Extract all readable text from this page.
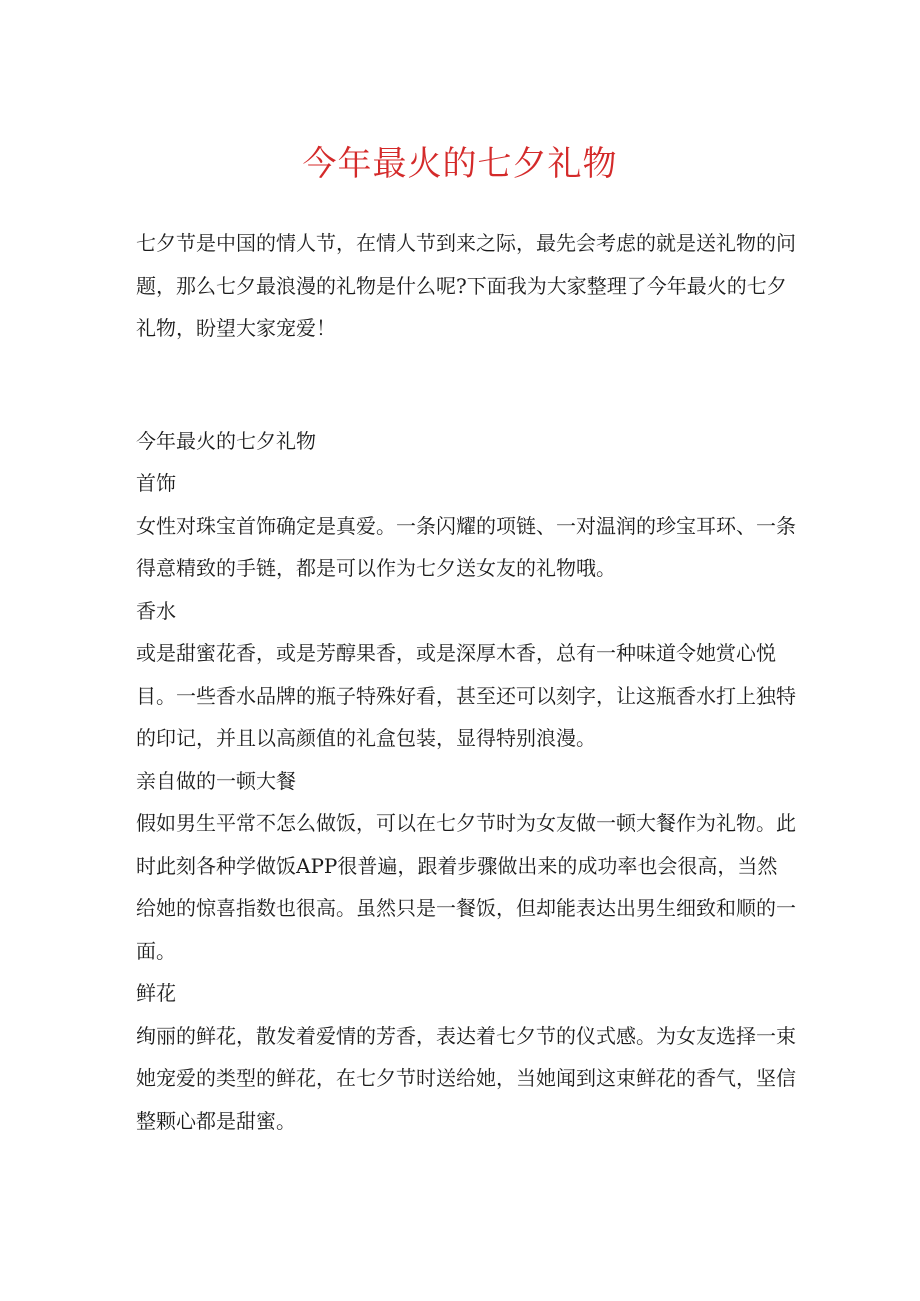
今年最火的七夕礼物

七夕节是中国的情人节，在情人节到来之际，最先会考虑的就是送礼物的问题，那么七夕最浪漫的礼物是什么呢?下面我为大家整理了今年最火的七夕礼物，盼望大家宠爱！

今年最火的七夕礼物

首饰

女性对珠宝首饰确定是真爱。一条闪耀的项链、一对温润的珍宝耳环、一条得意精致的手链，都是可以作为七夕送女友的礼物哦。

香水

或是甜蜜花香，或是芳醇果香，或是深厚木香，总有一种味道令她赏心悦目。一些香水品牌的瓶子特殊好看，甚至还可以刻字，让这瓶香水打上独特的印记，并且以高颜值的礼盒包装，显得特别浪漫。

亲自做的一顿大餐

假如男生平常不怎么做饭，可以在七夕节时为女友做一顿大餐作为礼物。此时此刻各种学做饭APP很普遍，跟着步骤做出来的成功率也会很高，当然给她的惊喜指数也很高。虽然只是一餐饭，但却能表达出男生细致和顺的一面。

鲜花

绚丽的鲜花，散发着爱情的芳香，表达着七夕节的仪式感。为女友选择一束她宠爱的类型的鲜花，在七夕节时送给她，当她闻到这束鲜花的香气，坚信整颗心都是甜蜜。
